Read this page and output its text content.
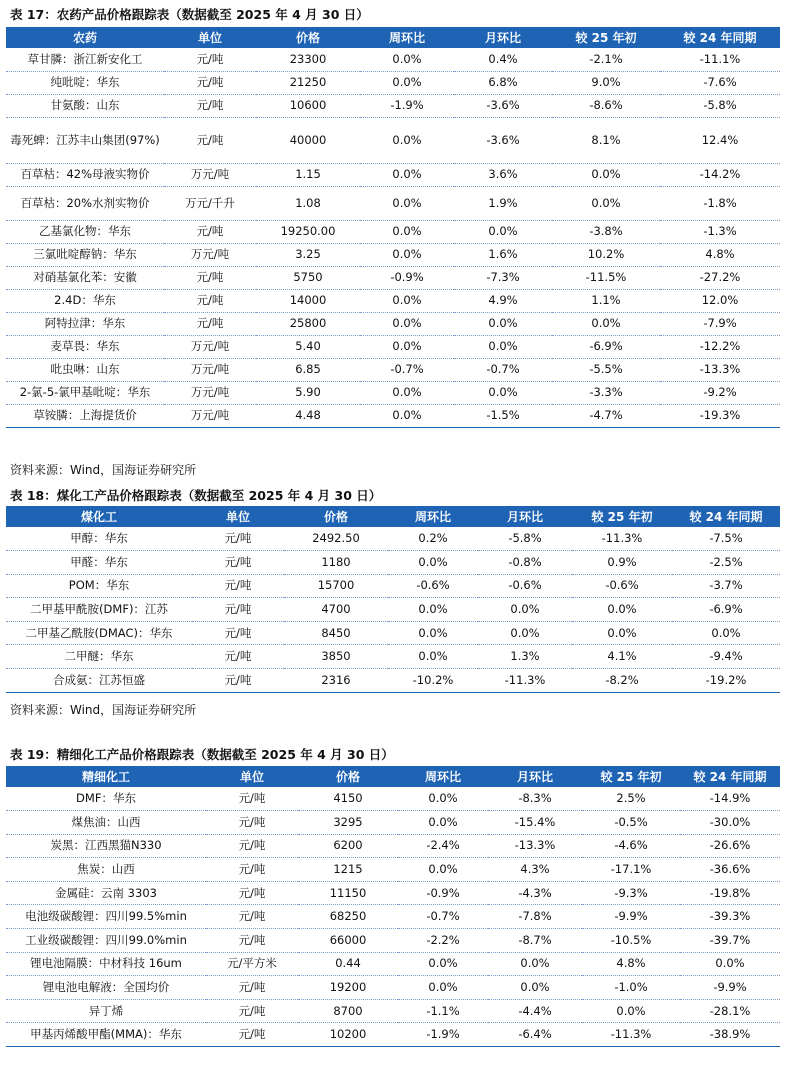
表 17：农药产品价格跟踪表（数据截至 2025 年 4 月 30 日）
农药	单位	价格	周环比	月环比	较 25 年初	较 24 年同期
草甘膦：浙江新安化工	元/吨	23300	0.0%	0.4%	-2.1%	-11.1%
纯吡啶：华东	元/吨	21250	0.0%	6.8%	9.0%	-7.6%
甘氨酸：山东	元/吨	10600	-1.9%	-3.6%	-8.6%	-5.8%
毒死蜱：江苏丰山集团(97%)	元/吨	40000	0.0%	-3.6%	8.1%	12.4%
百草枯：42%母液实物价	万元/吨	1.15	0.0%	3.6%	0.0%	-14.2%
百草枯：20%水剂实物价	万元/千升	1.08	0.0%	1.9%	0.0%	-1.8%
乙基氯化物：华东	元/吨	19250.00	0.0%	0.0%	-3.8%	-1.3%
三氯吡啶醇钠：华东	万元/吨	3.25	0.0%	1.6%	10.2%	4.8%
对硝基氯化苯：安徽	元/吨	5750	-0.9%	-7.3%	-11.5%	-27.2%
2.4D：华东	元/吨	14000	0.0%	4.9%	1.1%	12.0%
阿特拉津：华东	元/吨	25800	0.0%	0.0%	0.0%	-7.9%
麦草畏：华东	万元/吨	5.40	0.0%	0.0%	-6.9%	-12.2%
吡虫啉：山东	万元/吨	6.85	-0.7%	-0.7%	-5.5%	-13.3%
2-氯-5-氯甲基吡啶：华东	万元/吨	5.90	0.0%	0.0%	-3.3%	-9.2%
草铵膦：上海提货价	万元/吨	4.48	0.0%	-1.5%	-4.7%	-19.3%
资料来源：Wind，国海证券研究所
表 18：煤化工产品价格跟踪表（数据截至 2025 年 4 月 30 日）
煤化工	单位	价格	周环比	月环比	较 25 年初	较 24 年同期
甲醇：华东	元/吨	2492.50	0.2%	-5.8%	-11.3%	-7.5%
甲醛：华东	元/吨	1180	0.0%	-0.8%	0.9%	-2.5%
POM：华东	元/吨	15700	-0.6%	-0.6%	-0.6%	-3.7%
二甲基甲酰胺(DMF)：江苏	元/吨	4700	0.0%	0.0%	0.0%	-6.9%
二甲基乙酰胺(DMAC)：华东	元/吨	8450	0.0%	0.0%	0.0%	0.0%
二甲醚：华东	元/吨	3850	0.0%	1.3%	4.1%	-9.4%
合成氨：江苏恒盛	元/吨	2316	-10.2%	-11.3%	-8.2%	-19.2%
资料来源：Wind，国海证券研究所
表 19：精细化工产品价格跟踪表（数据截至 2025 年 4 月 30 日）
精细化工	单位	价格	周环比	月环比	较 25 年初	较 24 年同期
DMF：华东	元/吨	4150	0.0%	-8.3%	2.5%	-14.9%
煤焦油：山西	元/吨	3295	0.0%	-15.4%	-0.5%	-30.0%
炭黑：江西黑猫N330	元/吨	6200	-2.4%	-13.3%	-4.6%	-26.6%
焦炭：山西	元/吨	1215	0.0%	4.3%	-17.1%	-36.6%
金属硅：云南 3303	元/吨	11150	-0.9%	-4.3%	-9.3%	-19.8%
电池级碳酸锂：四川99.5%min	元/吨	68250	-0.7%	-7.8%	-9.9%	-39.3%
工业级碳酸锂：四川99.0%min	元/吨	66000	-2.2%	-8.7%	-10.5%	-39.7%
锂电池隔膜：中材科技 16um	元/平方米	0.44	0.0%	0.0%	4.8%	0.0%
锂电池电解液：全国均价	元/吨	19200	0.0%	0.0%	-1.0%	-9.9%
异丁烯	元/吨	8700	-1.1%	-4.4%	0.0%	-28.1%
甲基丙烯酸甲酯(MMA)：华东	元/吨	10200	-1.9%	-6.4%	-11.3%	-38.9%
